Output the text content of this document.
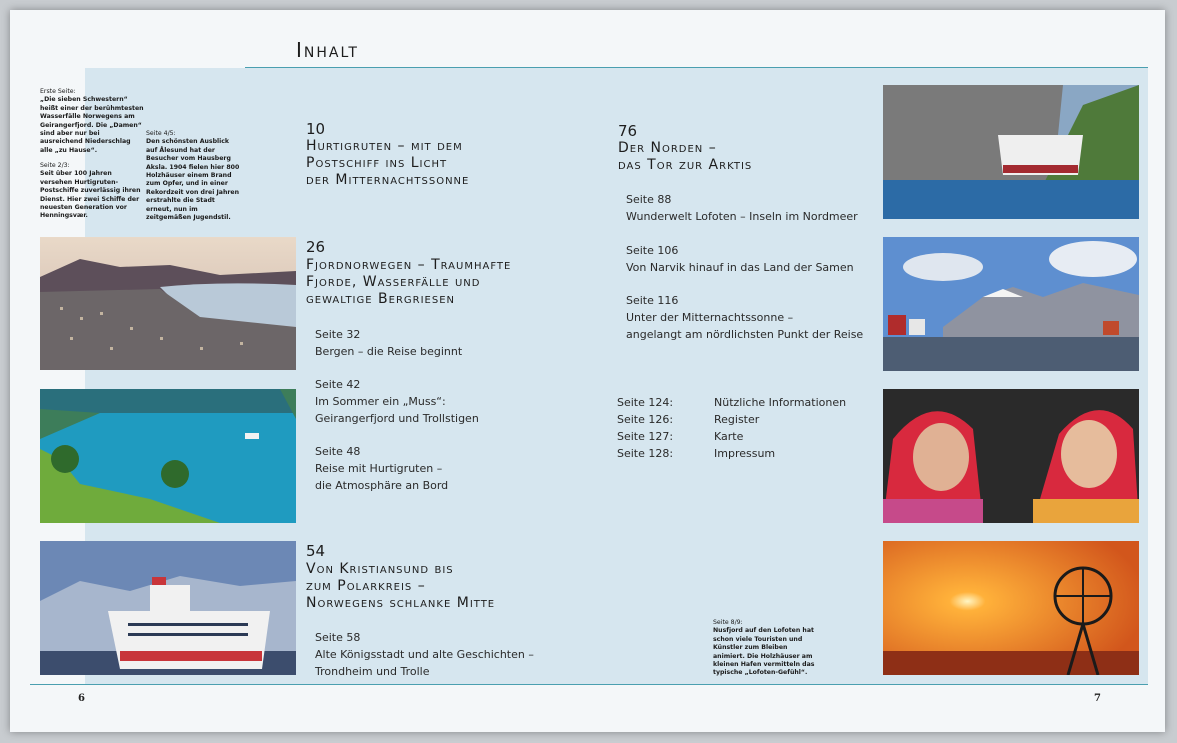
Inhalt
Erste Seite:
„Die sieben Schwestern“ heißt einer der berühmtesten Wasserfälle Norwegens am Geirangerfjord. Die „Damen“ sind aber nur bei ausreichend Niederschlag alle „zu Hause“.
Seite 2/3:
Seit über 100 Jahren versehen Hurtigruten-Postschiffe zuverlässig ihren Dienst. Hier zwei Schiffe der neuesten Generation vor Henningsvær.
Seite 4/5:
Den schönsten Ausblick auf Ålesund hat der Besucher vom Hausberg Aksla. 1904 fielen hier 800 Holzhäuser einem Brand zum Opfer, und in einer Rekordzeit von drei Jahren erstrahlte die Stadt erneut, nun im zeitgemäßen Jugendstil.
Seite 8/9:
Nusfjord auf den Lofoten hat schon viele Touristen und Künstler zum Bleiben animiert. Die Holzhäuser am kleinen Hafen vermitteln das typische „Lofoten-Gefühl“.
10
Hurtigruten – mit dem
Postschiff ins Licht
der Mitternachtssonne
26
Fjordnorwegen – Traumhafte
Fjorde, Wasserfälle und
gewaltige Bergriesen
Seite 32
Bergen – die Reise beginnt
Seite 42
Im Sommer ein „Muss“:
Geirangerfjord und Trollstigen
Seite 48
Reise mit Hurtigruten –
die Atmosphäre an Bord
54
Von Kristiansund bis
zum Polarkreis –
Norwegens schlanke Mitte
Seite 58
Alte Königsstadt und alte Geschichten –
Trondheim und Trolle
76
Der Norden –
das Tor zur Arktis
Seite 88
Wunderwelt Lofoten – Inseln im Nordmeer
Seite 106
Von Narvik hinauf in das Land der Samen
Seite 116
Unter der Mitternachtssonne –
angelangt am nördlichsten Punkt der Reise
Seite 124:	Nützliche Informationen
Seite 126:	Register
Seite 127:	Karte
Seite 128:	Impressum
6	7
